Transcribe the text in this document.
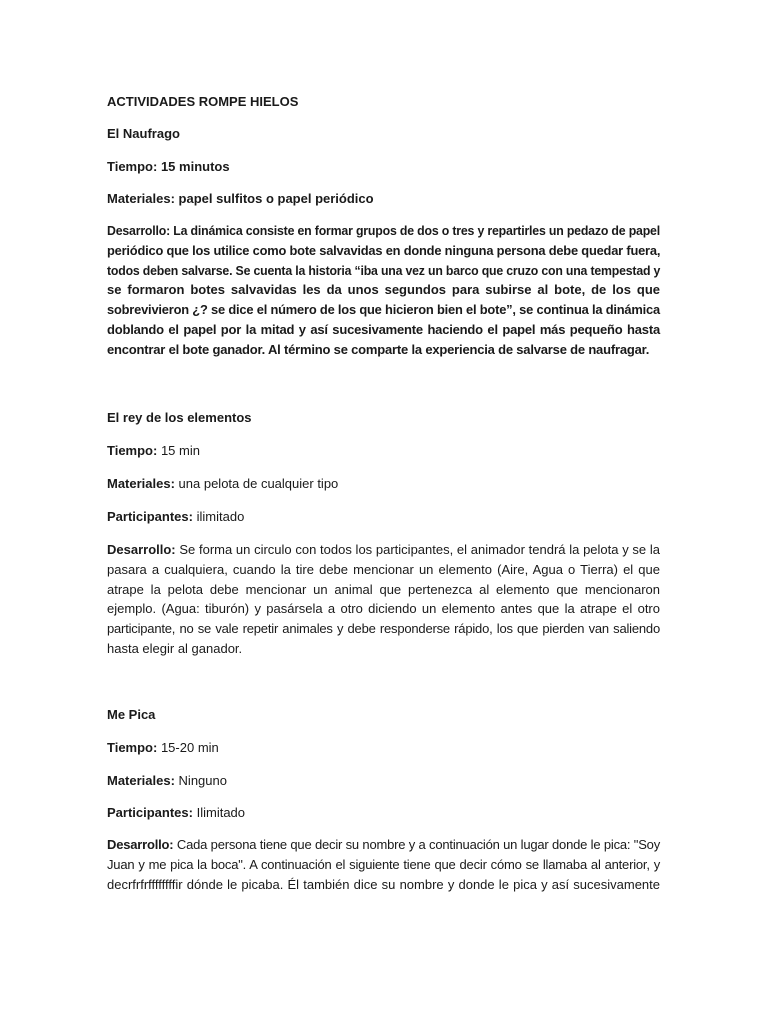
ACTIVIDADES ROMPE HIELOS
El Naufrago
Tiempo: 15 minutos
Materiales: papel sulfitos o papel periódico
Desarrollo: La dinámica consiste en formar grupos de dos o tres y repartirles un pedazo de papel
periódico que los utilice como bote salvavidas en donde ninguna persona debe quedar fuera,
todos deben salvarse. Se cuenta la historia “iba una vez un barco que cruzo con una tempestad y
se formaron botes salvavidas les da unos segundos para subirse al bote, de los que
sobrevivieron ¿? se dice el número de los que hicieron bien el bote”, se continua la dinámica
doblando el papel por la mitad y así sucesivamente haciendo el papel más pequeño hasta
encontrar el bote ganador. Al término se comparte la experiencia de salvarse de naufragar.
El rey de los elementos
Tiempo: 15 min
Materiales: una pelota de cualquier tipo
Participantes: ilimitado
Desarrollo: Se forma un circulo con todos los participantes, el animador tendrá la pelota y se la
pasara a cualquiera, cuando la tire debe mencionar un elemento (Aire, Agua o Tierra) el que
atrape la pelota debe mencionar un animal que pertenezca al elemento que mencionaron
ejemplo. (Agua: tiburón) y pasársela a otro diciendo un elemento antes que la atrape el otro
participante, no se vale repetir animales y debe responderse rápido, los que pierden van saliendo
hasta elegir al ganador.
Me Pica
Tiempo: 15-20 min
Materiales: Ninguno
Participantes: Ilimitado
Desarrollo: Cada persona tiene que decir su nombre y a continuación un lugar donde le pica: "Soy
Juan y me pica la boca". A continuación el siguiente tiene que decir cómo se llamaba al anterior, y
decrfrfrffffffffir dónde le picaba. Él también dice su nombre y donde le pica y así sucesivamente
